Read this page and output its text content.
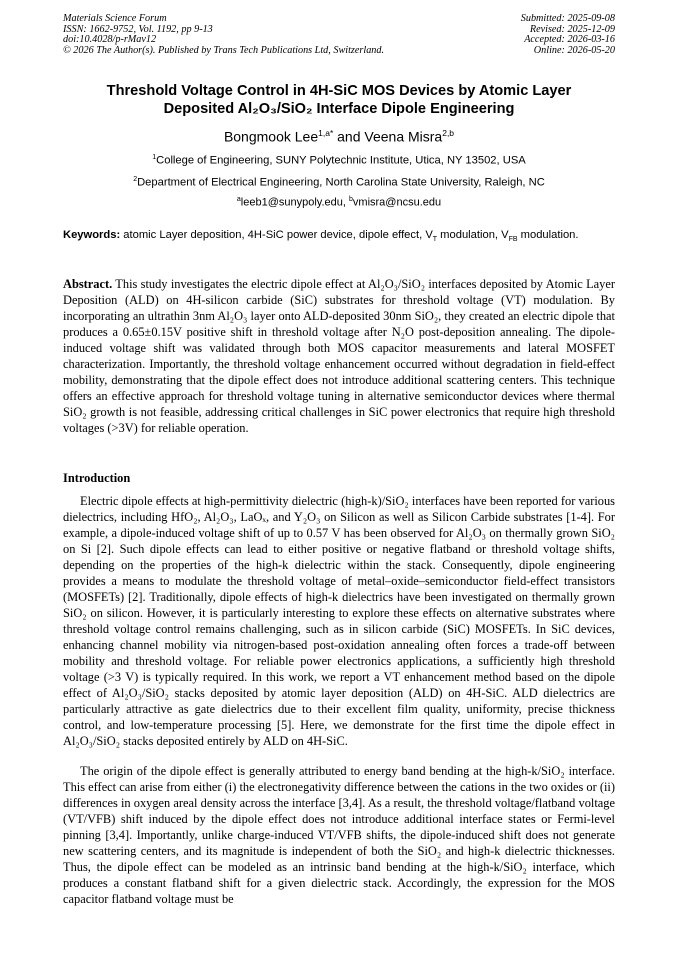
Materials Science Forum
ISSN: 1662-9752, Vol. 1192, pp 9-13
doi:10.4028/p-rMav12
© 2026 The Author(s). Published by Trans Tech Publications Ltd, Switzerland.
Submitted: 2025-09-08
Revised: 2025-12-09
Accepted: 2026-03-16
Online: 2026-05-20
Threshold Voltage Control in 4H-SiC MOS Devices by Atomic Layer
Deposited Al₂O₃/SiO₂ Interface Dipole Engineering
Bongmook Lee$^{1,a*}$ and Veena Misra$^{2,b}$
$^1$College of Engineering, SUNY Polytechnic Institute, Utica, NY 13502, USA
$^2$Department of Electrical Engineering, North Carolina State University, Raleigh, NC
$^a$leeb1@sunypoly.edu, $^b$vmisra@ncsu.edu
Keywords: atomic Layer deposition, 4H-SiC power device, dipole effect, $V_T$ modulation, $V_{FB}$ modulation.
Abstract. This study investigates the electric dipole effect at Al₂O₃/SiO₂ interfaces deposited by Atomic Layer Deposition (ALD) on 4H-silicon carbide (SiC) substrates for threshold voltage (VT) modulation. By incorporating an ultrathin 3nm Al₂O₃ layer onto ALD-deposited 30nm SiO₂, they created an electric dipole that produces a 0.65±0.15V positive shift in threshold voltage after N₂O post-deposition annealing. The dipole-induced voltage shift was validated through both MOS capacitor measurements and lateral MOSFET characterization. Importantly, the threshold voltage enhancement occurred without degradation in field-effect mobility, demonstrating that the dipole effect does not introduce additional scattering centers. This technique offers an effective approach for threshold voltage tuning in alternative semiconductor devices where thermal SiO₂ growth is not feasible, addressing critical challenges in SiC power electronics that require high threshold voltages (>3V) for reliable operation.
Introduction
Electric dipole effects at high-permittivity dielectric (high-k)/SiO₂ interfaces have been reported for various dielectrics, including HfO₂, Al₂O₃, LaOₓ, and Y₂O₃ on Silicon as well as Silicon Carbide substrates [1-4]. For example, a dipole-induced voltage shift of up to 0.57 V has been observed for Al₂O₃ on thermally grown SiO₂ on Si [2]. Such dipole effects can lead to either positive or negative flatband or threshold voltage shifts, depending on the properties of the high-k dielectric within the stack. Consequently, dipole engineering provides a means to modulate the threshold voltage of metal–oxide–semiconductor field-effect transistors (MOSFETs) [2]. Traditionally, dipole effects of high-k dielectrics have been investigated on thermally grown SiO₂ on silicon. However, it is particularly interesting to explore these effects on alternative substrates where threshold voltage control remains challenging, such as in silicon carbide (SiC) MOSFETs. In SiC devices, enhancing channel mobility via nitrogen-based post-oxidation annealing often forces a trade-off between mobility and threshold voltage. For reliable power electronics applications, a sufficiently high threshold voltage (>3 V) is typically required. In this work, we report a VT enhancement method based on the dipole effect of Al₂O₃/SiO₂ stacks deposited by atomic layer deposition (ALD) on 4H-SiC. ALD dielectrics are particularly attractive as gate dielectrics due to their excellent film quality, uniformity, precise thickness control, and low-temperature processing [5]. Here, we demonstrate for the first time the dipole effect in Al₂O₃/SiO₂ stacks deposited entirely by ALD on 4H-SiC.
The origin of the dipole effect is generally attributed to energy band bending at the high-k/SiO₂ interface. This effect can arise from either (i) the electronegativity difference between the cations in the two oxides or (ii) differences in oxygen areal density across the interface [3,4]. As a result, the threshold voltage/flatband voltage (VT/VFB) shift induced by the dipole effect does not introduce additional interface states or Fermi-level pinning [3,4]. Importantly, unlike charge-induced VT/VFB shifts, the dipole-induced shift does not generate new scattering centers, and its magnitude is independent of both the SiO₂ and high-k dielectric thicknesses. Thus, the dipole effect can be modeled as an intrinsic band bending at the high-k/SiO₂ interface, which produces a constant flatband shift for a given dielectric stack. Accordingly, the expression for the MOS capacitor flatband voltage must be
